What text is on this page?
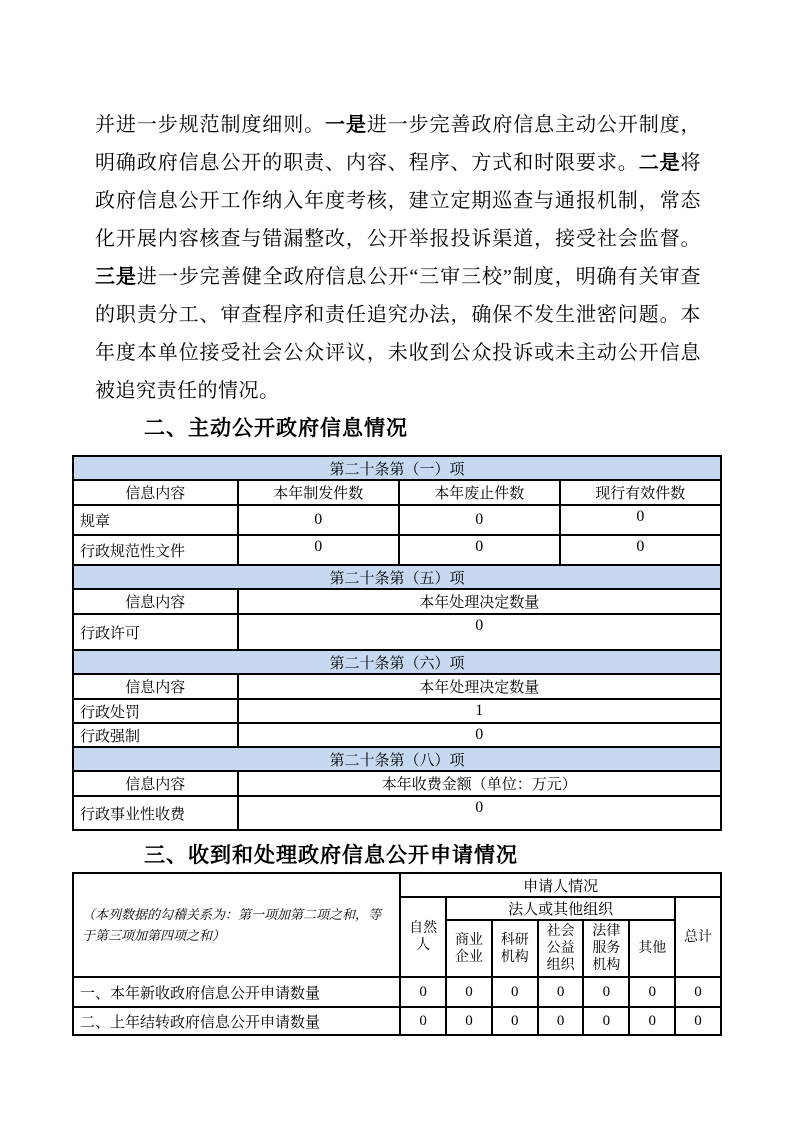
并进一步规范制度细则。一是进一步完善政府信息主动公开制度，明确政府信息公开的职责、内容、程序、方式和时限要求。二是将政府信息公开工作纳入年度考核，建立定期巡查与通报机制，常态化开展内容核查与错漏整改，公开举报投诉渠道，接受社会监督。三是进一步完善健全政府信息公开“三审三校”制度，明确有关审查的职责分工、审查程序和责任追究办法，确保不发生泄密问题。本年度本单位接受社会公众评议，未收到公众投诉或未主动公开信息被追究责任的情况。
二、主动公开政府信息情况
第二十条第（一）项			
信息内容	本年制发件数	本年废止件数	现行有效件数
规章	0	0	0
行政规范性文件	0	0	0
第二十条第（五）项			
信息内容	本年处理决定数量		
行政许可	0		
第二十条第（六）项			
信息内容	本年处理决定数量		
行政处罚	1		
行政强制	0		
第二十条第（八）项			
信息内容	本年收费金额（单位：万元）		
行政事业性收费	0		
三、收到和处理政府信息公开申请情况
（本列数据的勾稽关系为：第一项加第二项之和，等于第三项加第四项之和）	申请人情况						
	自然人	法人或其他组织					总计
		商业企业	科研机构	社会公益组织	法律服务机构	其他	
一、本年新收政府信息公开申请数量	0	0	0	0	0	0	0
二、上年结转政府信息公开申请数量	0	0	0	0	0	0	0
